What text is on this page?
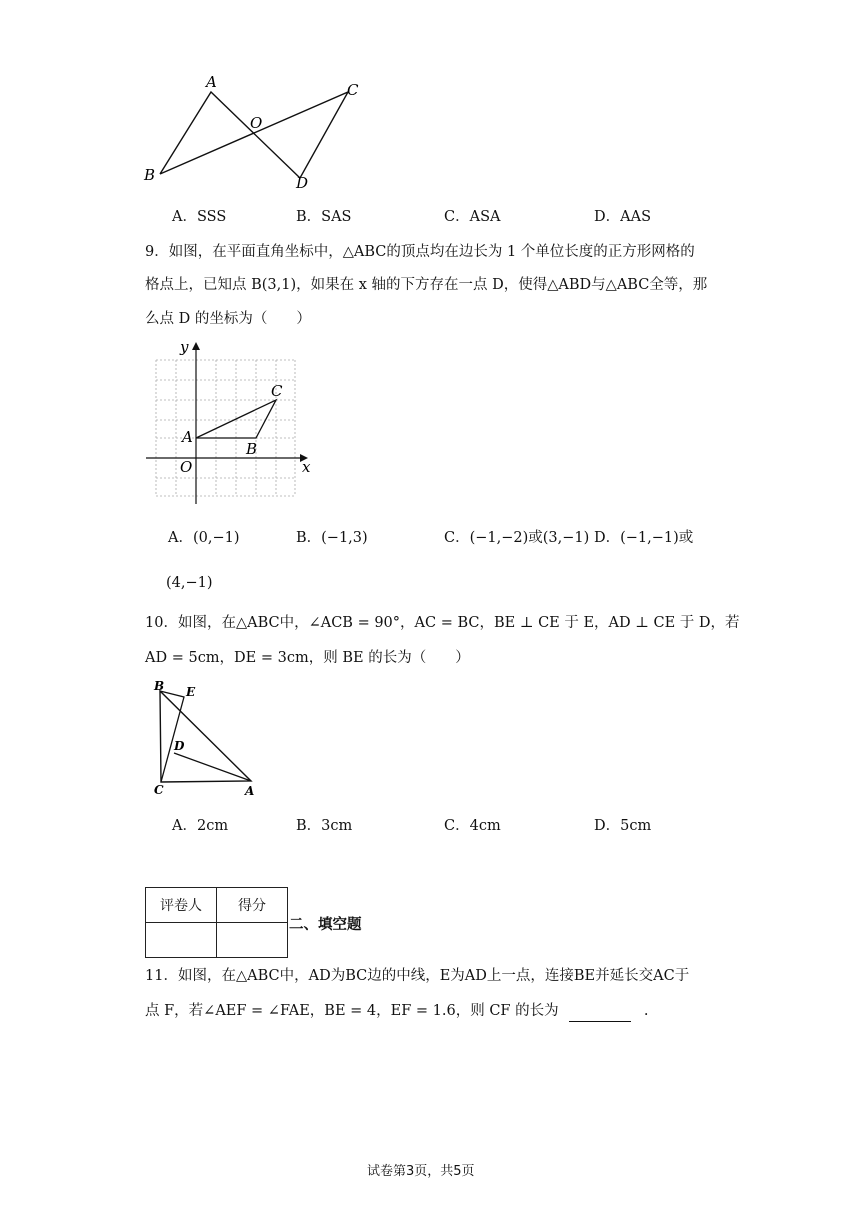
A
B
C
D
O
A．SSS	B．SAS	C．ASA	D．AAS
9．如图，在平面直角坐标中，△ABC的顶点均在边长为 1 个单位长度的正方形网格的
格点上，已知点 B(3,1)，如果在 x 轴的下方存在一点 D，使得△ABD与△ABC全等，那
么点 D 的坐标为（　　）
y
x
A
B
C
O
A．(0,−1)	B．(−1,3)	C．(−1,−2)或(3,−1) D．(−1,−1)或
(4,−1)
10．如图，在△ABC中，∠ACB = 90°，AC = BC，BE ⊥ CE 于 E，AD ⊥ CE 于 D，若
AD = 5cm，DE = 3cm，则 BE 的长为（　　）
B E
D
C	A
A．2cm	B．3cm	C．4cm	D．5cm
评卷人	得分

二、填空题
11．如图，在△ABC中，AD为BC边的中线，E为AD上一点，连接BE并延长交AC于
点 F，若∠AEF = ∠FAE，BE = 4，EF = 1.6，则 CF 的长为	.
试卷第3页，共5页
